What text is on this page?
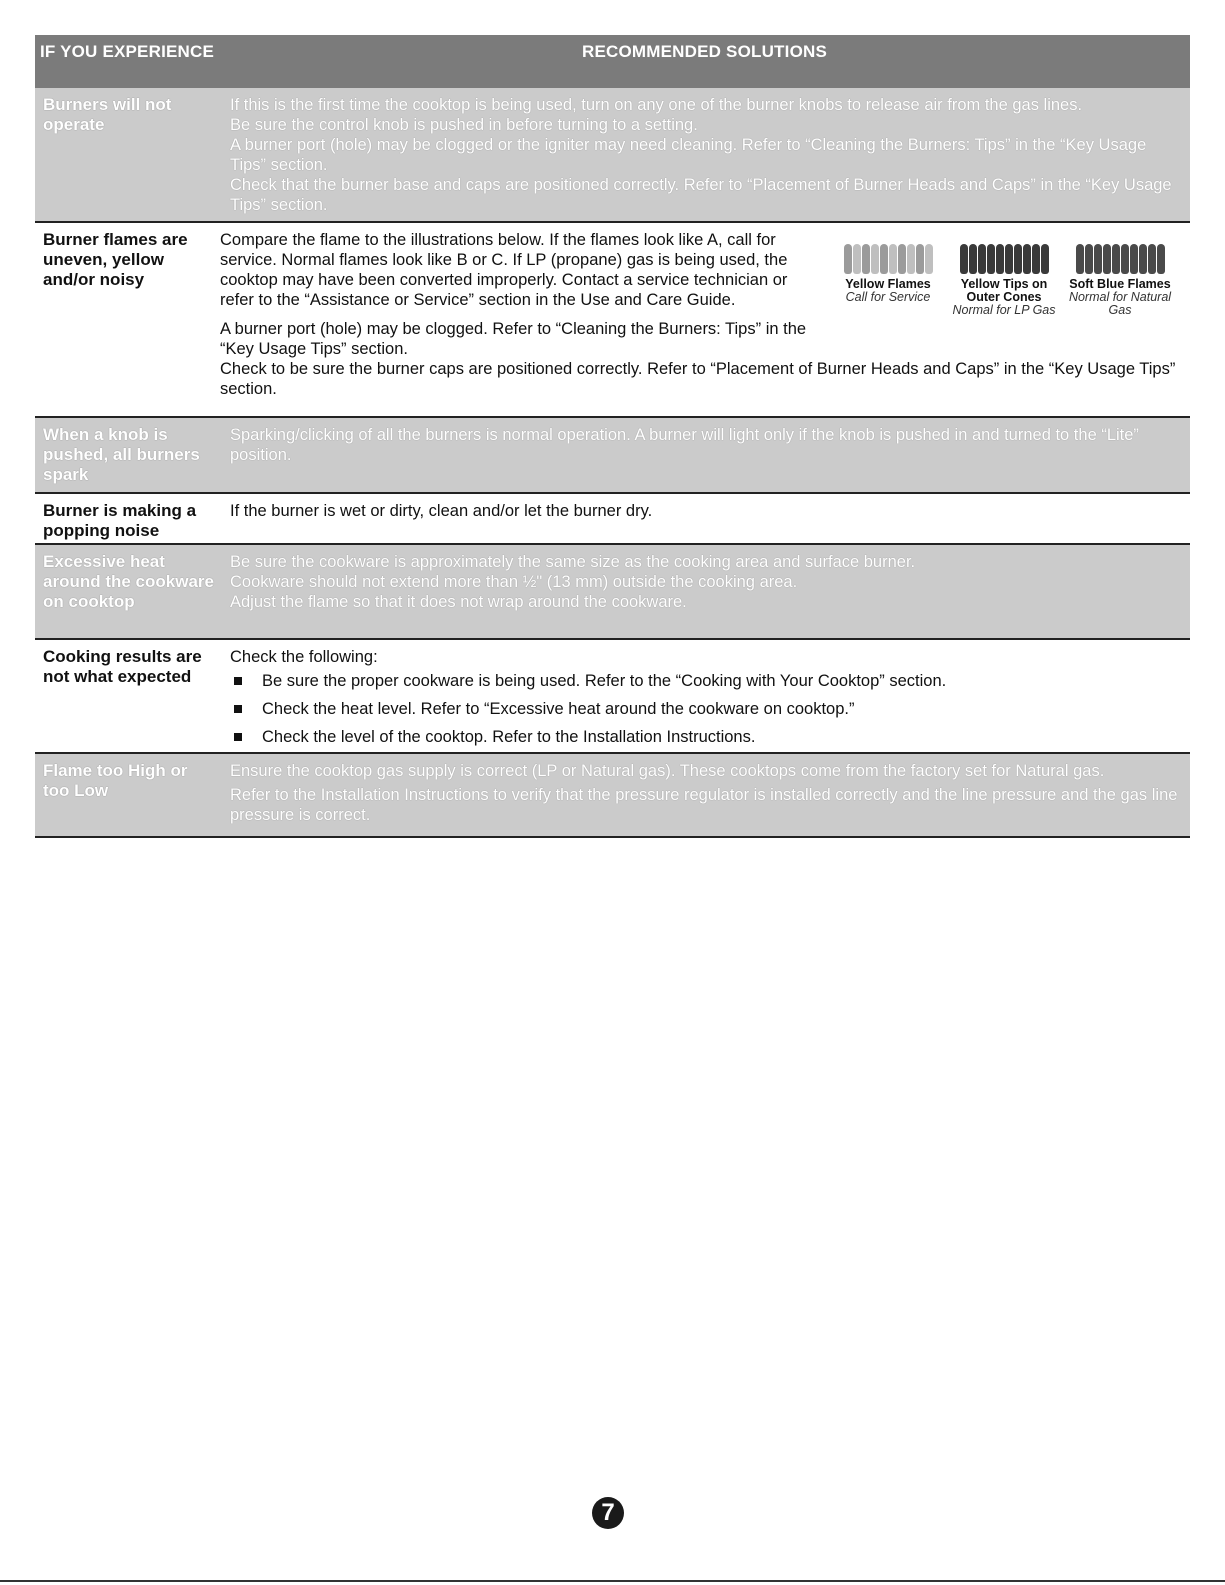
IF YOU EXPERIENCE	RECOMMENDED SOLUTIONS
Burners will not operate

If this is the first time the cooktop is being used, turn on any one of the burner knobs to release air from the gas lines.

Be sure the control knob is pushed in before turning to a setting.

A burner port (hole) may be clogged or the igniter may need cleaning. Refer to “Cleaning the Burners: Tips” in the “Key Usage Tips” section.

Check that the burner base and caps are positioned correctly. Refer to “Placement of Burner Heads and Caps” in the “Key Usage Tips” section.

Burner flames are uneven, yellow and/or noisy

Compare the flame to the illustrations below. If the flames look like A, call for service. Normal flames look like B or C. If LP (propane) gas is being used, the cooktop may have been converted improperly. Contact a service technician or refer to the “Assistance or Service” section in the Use and Care Guide.

Yellow Flames
Call for Service
Yellow Tips on Outer Cones
Normal for LP Gas
Soft Blue Flames
Normal for Natural Gas

A burner port (hole) may be clogged. Refer to “Cleaning the Burners: Tips” in the “Key Usage Tips” section.

Check to be sure the burner caps are positioned correctly. Refer to “Placement of Burner Heads and Caps” in the “Key Usage Tips” section.

When a knob is pushed, all burners spark

Sparking/clicking of all the burners is normal operation. A burner will light only if the knob is pushed in and turned to the “Lite” position.

Burner is making a popping noise

If the burner is wet or dirty, clean and/or let the burner dry.

Excessive heat around the cookware on cooktop

Be sure the cookware is approximately the same size as the cooking area and surface burner.

Cookware should not extend more than ½" (13 mm) outside the cooking area.

Adjust the flame so that it does not wrap around the cookware.

Cooking results are not what expected

Check the following:

Be sure the proper cookware is being used. Refer to the “Cooking with Your Cooktop” section.
Check the heat level. Refer to “Excessive heat around the cookware on cooktop.”
Check the level of the cooktop. Refer to the Installation Instructions.
Flame too High or too Low

Ensure the cooktop gas supply is correct (LP or Natural gas). These cooktops come from the factory set for Natural gas.

Refer to the Installation Instructions to verify that the pressure regulator is installed correctly and the line pressure and the gas line pressure is correct.

7
